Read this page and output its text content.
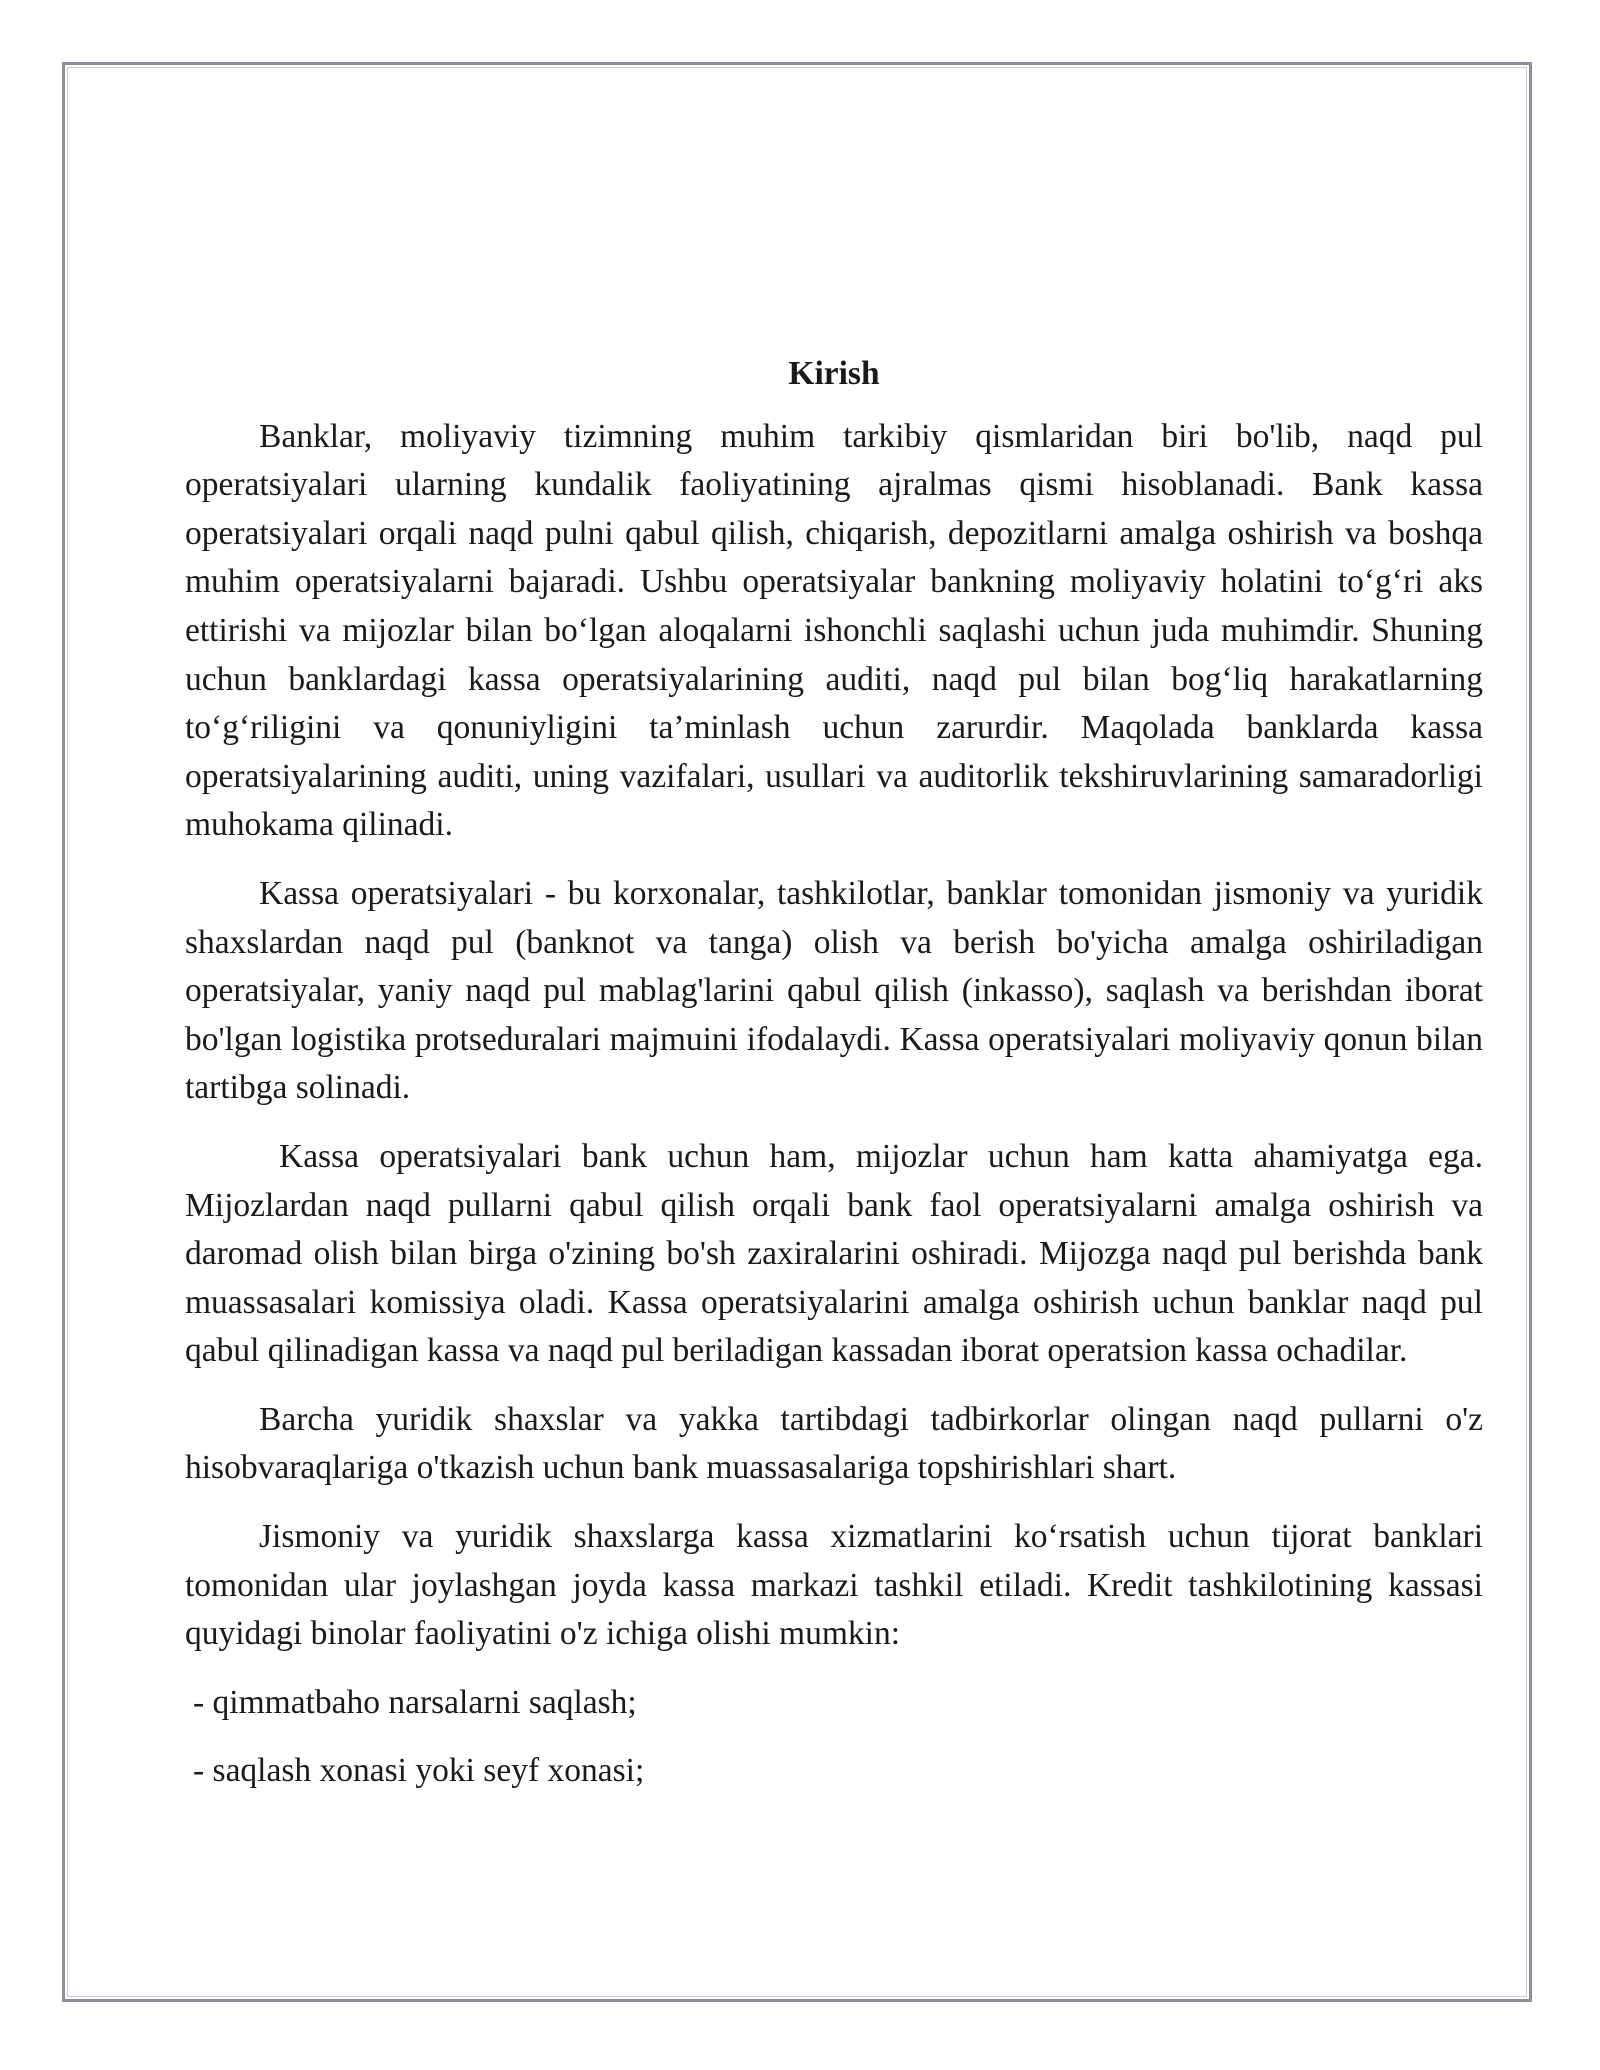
Kirish

Banklar, moliyaviy tizimning muhim tarkibiy qismlaridan biri bo'lib, naqd pul operatsiyalari ularning kundalik faoliyatining ajralmas qismi hisoblanadi. Bank kassa operatsiyalari orqali naqd pulni qabul qilish, chiqarish, depozitlarni amalga oshirish va boshqa muhim operatsiyalarni bajaradi. Ushbu operatsiyalar bankning moliyaviy holatini to‘g‘ri aks ettirishi va mijozlar bilan bo‘lgan aloqalarni ishonchli saqlashi uchun juda muhimdir. Shuning uchun banklardagi kassa operatsiyalarining auditi, naqd pul bilan bog‘liq harakatlarning to‘g‘riligini va qonuniyligini ta’minlash uchun zarurdir. Maqolada banklarda kassa operatsiyalarining auditi, uning vazifalari, usullari va auditorlik tekshiruvlarining samaradorligi muhokama qilinadi.

Kassa operatsiyalari - bu korxonalar, tashkilotlar, banklar tomonidan jismoniy va yuridik shaxslardan naqd pul (banknot va tanga) olish va berish bo'yicha amalga oshiriladigan operatsiyalar, yaniy naqd pul mablag'larini qabul qilish (inkasso), saqlash va berishdan iborat bo'lgan logistika protseduralari majmuini ifodalaydi. Kassa operatsiyalari moliyaviy qonun bilan tartibga solinadi.

Kassa operatsiyalari bank uchun ham, mijozlar uchun ham katta ahamiyatga ega. Mijozlardan naqd pullarni qabul qilish orqali bank faol operatsiyalarni amalga oshirish va daromad olish bilan birga o'zining bo'sh zaxiralarini oshiradi. Mijozga naqd pul berishda bank muassasalari komissiya oladi. Kassa operatsiyalarini amalga oshirish uchun banklar naqd pul qabul qilinadigan kassa va naqd pul beriladigan kassadan iborat operatsion kassa ochadilar.

Barcha yuridik shaxslar va yakka tartibdagi tadbirkorlar olingan naqd pullarni o'z hisobvaraqlariga o'tkazish uchun bank muassasalariga topshirishlari shart.

Jismoniy va yuridik shaxslarga kassa xizmatlarini ko‘rsatish uchun tijorat banklari tomonidan ular joylashgan joyda kassa markazi tashkil etiladi. Kredit tashkilotining kassasi quyidagi binolar faoliyatini o'z ichiga olishi mumkin:

- qimmatbaho narsalarni saqlash;
- saqlash xonasi yoki seyf xonasi;
